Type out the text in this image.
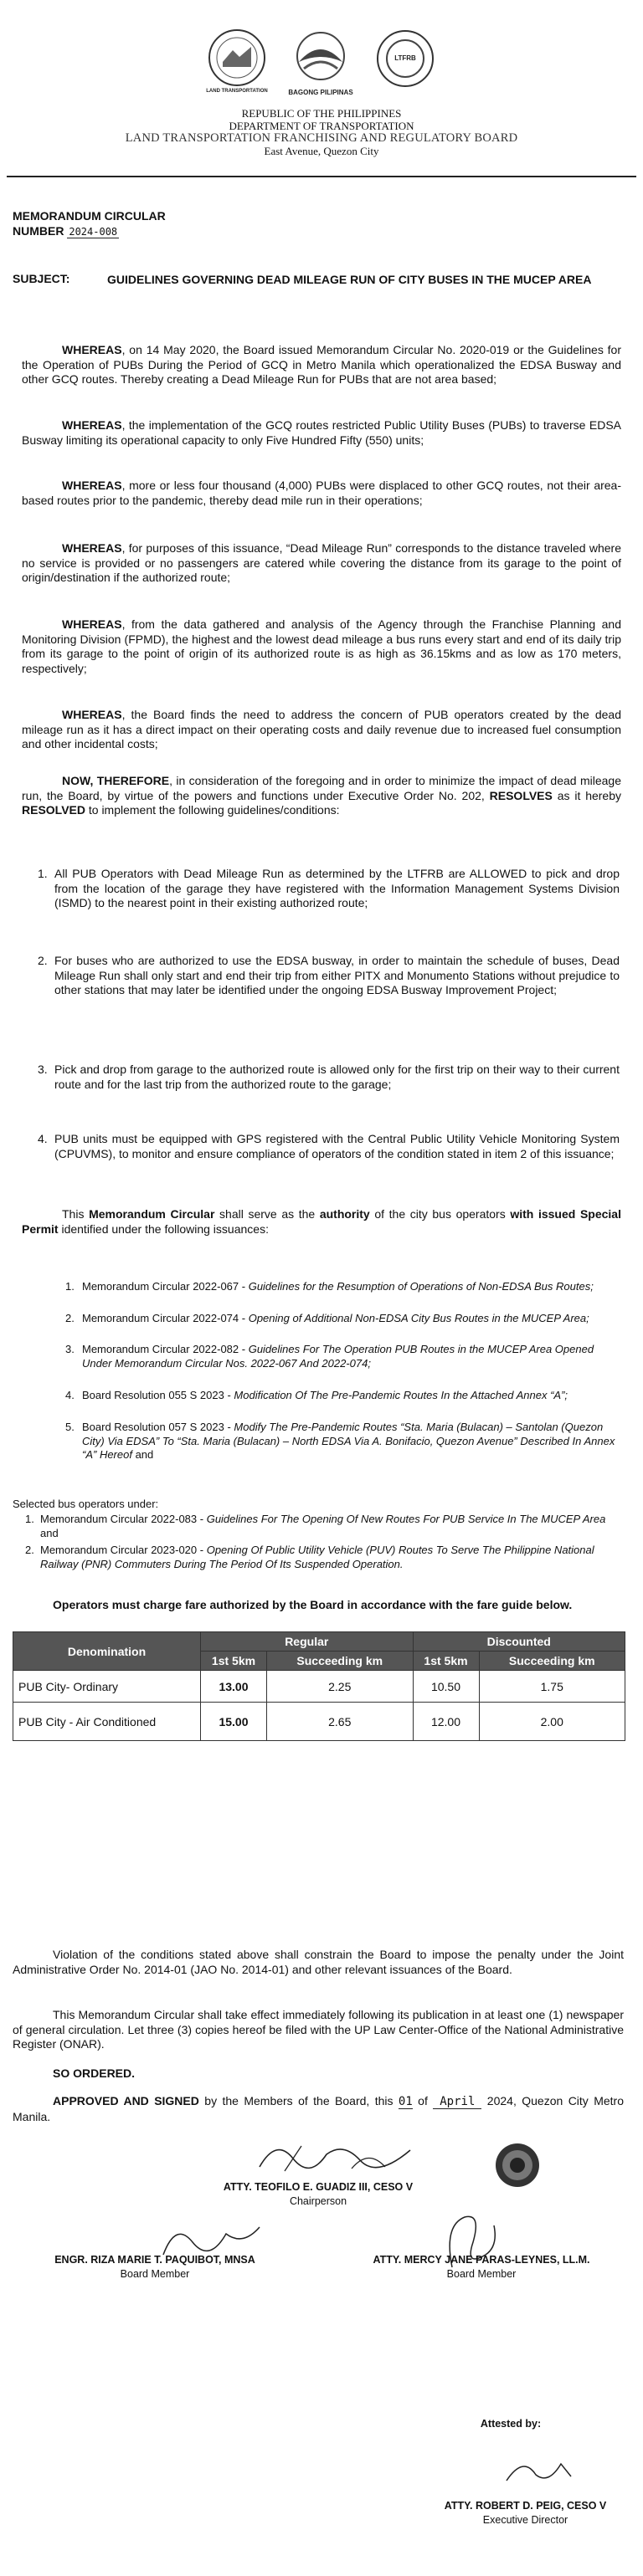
BAGONG PILIPINAS
LTFRB
LAND TRANSPORTATION
REPUBLIC OF THE PHILIPPINES
DEPARTMENT OF TRANSPORTATION
LAND TRANSPORTATION FRANCHISING AND REGULATORY BOARD
East Avenue, Quezon City
MEMORANDUM CIRCULAR
NUMBER 2024-008
SUBJECT:	GUIDELINES GOVERNING DEAD MILEAGE RUN OF CITY BUSES IN THE MUCEP AREA
WHEREAS, on 14 May 2020, the Board issued Memorandum Circular No. 2020-019 or the Guidelines for the Operation of PUBs During the Period of GCQ in Metro Manila which operationalized the EDSA Busway and other GCQ routes. Thereby creating a Dead Mileage Run for PUBs that are not area based;
WHEREAS, the implementation of the GCQ routes restricted Public Utility Buses (PUBs) to traverse EDSA Busway limiting its operational capacity to only Five Hundred Fifty (550) units;
WHEREAS, more or less four thousand (4,000) PUBs were displaced to other GCQ routes, not their area-based routes prior to the pandemic, thereby dead mile run in their operations;
WHEREAS, for purposes of this issuance, “Dead Mileage Run” corresponds to the distance traveled where no service is provided or no passengers are catered while covering the distance from its garage to the point of origin/destination if the authorized route;
WHEREAS, from the data gathered and analysis of the Agency through the Franchise Planning and Monitoring Division (FPMD), the highest and the lowest dead mileage a bus runs every start and end of its daily trip from its garage to the point of origin of its authorized route is as high as 36.15kms and as low as 170 meters, respectively;
WHEREAS, the Board finds the need to address the concern of PUB operators created by the dead mileage run as it has a direct impact on their operating costs and daily revenue due to increased fuel consumption and other incidental costs;
NOW, THEREFORE, in consideration of the foregoing and in order to minimize the impact of dead mileage run, the Board, by virtue of the powers and functions under Executive Order No. 202, RESOLVES as it hereby RESOLVED to implement the following guidelines/conditions:
1. All PUB Operators with Dead Mileage Run as determined by the LTFRB are ALLOWED to pick and drop from the location of the garage they have registered with the Information Management Systems Division (ISMD) to the nearest point in their existing authorized route;
2. For buses who are authorized to use the EDSA busway, in order to maintain the schedule of buses, Dead Mileage Run shall only start and end their trip from either PITX and Monumento Stations without prejudice to other stations that may later be identified under the ongoing EDSA Busway Improvement Project;
3. Pick and drop from garage to the authorized route is allowed only for the first trip on their way to their current route and for the last trip from the authorized route to the garage;
4. PUB units must be equipped with GPS registered with the Central Public Utility Vehicle Monitoring System (CPUVMS), to monitor and ensure compliance of operators of the condition stated in item 2 of this issuance;
This Memorandum Circular shall serve as the authority of the city bus operators with issued Special Permit identified under the following issuances:
1. Memorandum Circular 2022-067 - Guidelines for the Resumption of Operations of Non-EDSA Bus Routes;
2. Memorandum Circular 2022-074 - Opening of Additional Non-EDSA City Bus Routes in the MUCEP Area;
3. Memorandum Circular 2022-082 - Guidelines For The Operation PUB Routes in the MUCEP Area Opened Under Memorandum Circular Nos. 2022-067 And 2022-074;
4. Board Resolution 055 S 2023 - Modification Of The Pre-Pandemic Routes In the Attached Annex “A”;
5. Board Resolution 057 S 2023 - Modify The Pre-Pandemic Routes “Sta. Maria (Bulacan) – Santolan (Quezon City) Via EDSA” To “Sta. Maria (Bulacan) – North EDSA Via A. Bonifacio, Quezon Avenue” Described In Annex “A” Hereof and
Selected bus operators under:
1. Memorandum Circular 2022-083 - Guidelines For The Opening Of New Routes For PUB Service In The MUCEP Area and
2. Memorandum Circular 2023-020 - Opening Of Public Utility Vehicle (PUV) Routes To Serve The Philippine National Railway (PNR) Commuters During The Period Of Its Suspended Operation.
Operators must charge fare authorized by the Board in accordance with the fare guide below.
Denomination	Regular		Discounted	
	1st 5km	Succeeding km	1st 5km	Succeeding km
PUB City- Ordinary	13.00	2.25	10.50	1.75
PUB City - Air Conditioned	15.00	2.65	12.00	2.00
Violation of the conditions stated above shall constrain the Board to impose the penalty under the Joint Administrative Order No. 2014-01 (JAO No. 2014-01) and other relevant issuances of the Board.
This Memorandum Circular shall take effect immediately following its publication in at least one (1) newspaper of general circulation. Let three (3) copies hereof be filed with the UP Law Center-Office of the National Administrative Register (ONAR).
SO ORDERED.
APPROVED AND SIGNED by the Members of the Board, this 01 of April 2024, Quezon City Metro Manila.
ATTY. TEOFILO E. GUADIZ III, CESO V
Chairperson
ENGR. RIZA MARIE T. PAQUIBOT, MNSA
Board Member
ATTY. MERCY JANE PARAS-LEYNES, LL.M.
Board Member
Attested by:
ATTY. ROBERT D. PEIG, CESO V
Executive Director
